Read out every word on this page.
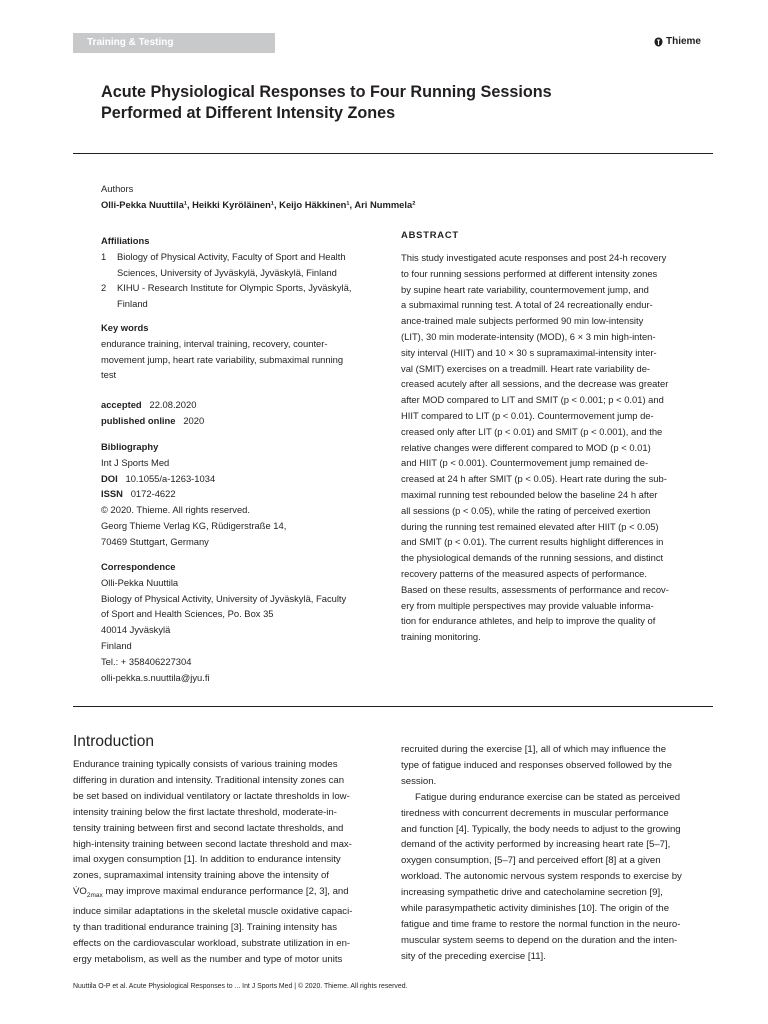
Training & Testing	Thieme
Acute Physiological Responses to Four Running Sessions
Performed at Different Intensity Zones
Authors
Olli-Pekka Nuuttila¹, Heikki Kyröläinen¹, Keijo Häkkinen¹, Ari Nummela²
Affiliations
1	Biology of Physical Activity, Faculty of Sport and Health
Sciences, University of Jyväskylä, Jyväskylä, Finland
2	KIHU - Research Institute for Olympic Sports, Jyväskylä,
Finland
Key words
endurance training, interval training, recovery, counter-
movement jump, heart rate variability, submaximal running
test
accepted 22.08.2020
published online 2020
Bibliography
Int J Sports Med
DOI 10.1055/a-1263-1034
ISSN 0172-4622
© 2020. Thieme. All rights reserved.
Georg Thieme Verlag KG, Rüdigerstraße 14,
70469 Stuttgart, Germany
Correspondence
Olli-Pekka Nuuttila
Biology of Physical Activity, University of Jyväskylä, Faculty
of Sport and Health Sciences, Po. Box 35
40014 Jyväskylä
Finland
Tel.: + 358406227304
olli-pekka.s.nuuttila@jyu.fi
ABSTRACT
This study investigated acute responses and post 24-h recovery
to four running sessions performed at different intensity zones
by supine heart rate variability, countermovement jump, and
a submaximal running test. A total of 24 recreationally endur-
ance-trained male subjects performed 90 min low-intensity
(LIT), 30 min moderate-intensity (MOD), 6 × 3 min high-inten-
sity interval (HIIT) and 10 × 30 s supramaximal-intensity inter-
val (SMIT) exercises on a treadmill. Heart rate variability de-
creased acutely after all sessions, and the decrease was greater
after MOD compared to LIT and SMIT (p < 0.001; p < 0.01) and
HIIT compared to LIT (p < 0.01). Countermovement jump de-
creased only after LIT (p < 0.01) and SMIT (p < 0.001), and the
relative changes were different compared to MOD (p < 0.01)
and HIIT (p < 0.001). Countermovement jump remained de-
creased at 24 h after SMIT (p < 0.05). Heart rate during the sub-
maximal running test rebounded below the baseline 24 h after
all sessions (p < 0.05), while the rating of perceived exertion
during the running test remained elevated after HIIT (p < 0.05)
and SMIT (p < 0.01). The current results highlight differences in
the physiological demands of the running sessions, and distinct
recovery patterns of the measured aspects of performance.
Based on these results, assessments of performance and recov-
ery from multiple perspectives may provide valuable informa-
tion for endurance athletes, and help to improve the quality of
training monitoring.
Introduction
Endurance training typically consists of various training modes
differing in duration and intensity. Traditional intensity zones can
be set based on individual ventilatory or lactate thresholds in low-
intensity training below the first lactate threshold, moderate-in-
tensity training between first and second lactate thresholds, and
high-intensity training between second lactate threshold and max-
imal oxygen consumption [1]. In addition to endurance intensity
zones, supramaximal intensity training above the intensity of
$V̇O_{2max}$ may improve maximal endurance performance [2, 3], and
induce similar adaptations in the skeletal muscle oxidative capaci-
ty than traditional endurance training [3]. Training intensity has
effects on the cardiovascular workload, substrate utilization in en-
ergy metabolism, as well as the number and type of motor units
recruited during the exercise [1], all of which may influence the
type of fatigue induced and responses observed followed by the
session.
Fatigue during endurance exercise can be stated as perceived
tiredness with concurrent decrements in muscular performance
and function [4]. Typically, the body needs to adjust to the growing
demand of the activity performed by increasing heart rate [5–7],
oxygen consumption, [5–7] and perceived effort [8] at a given
workload. The autonomic nervous system responds to exercise by
increasing sympathetic drive and catecholamine secretion [9],
while parasympathetic activity diminishes [10]. The origin of the
fatigue and time frame to restore the normal function in the neuro-
muscular system seems to depend on the duration and the inten-
sity of the preceding exercise [11].
Nuuttila O-P et al. Acute Physiological Responses to ... Int J Sports Med | © 2020. Thieme. All rights reserved.
